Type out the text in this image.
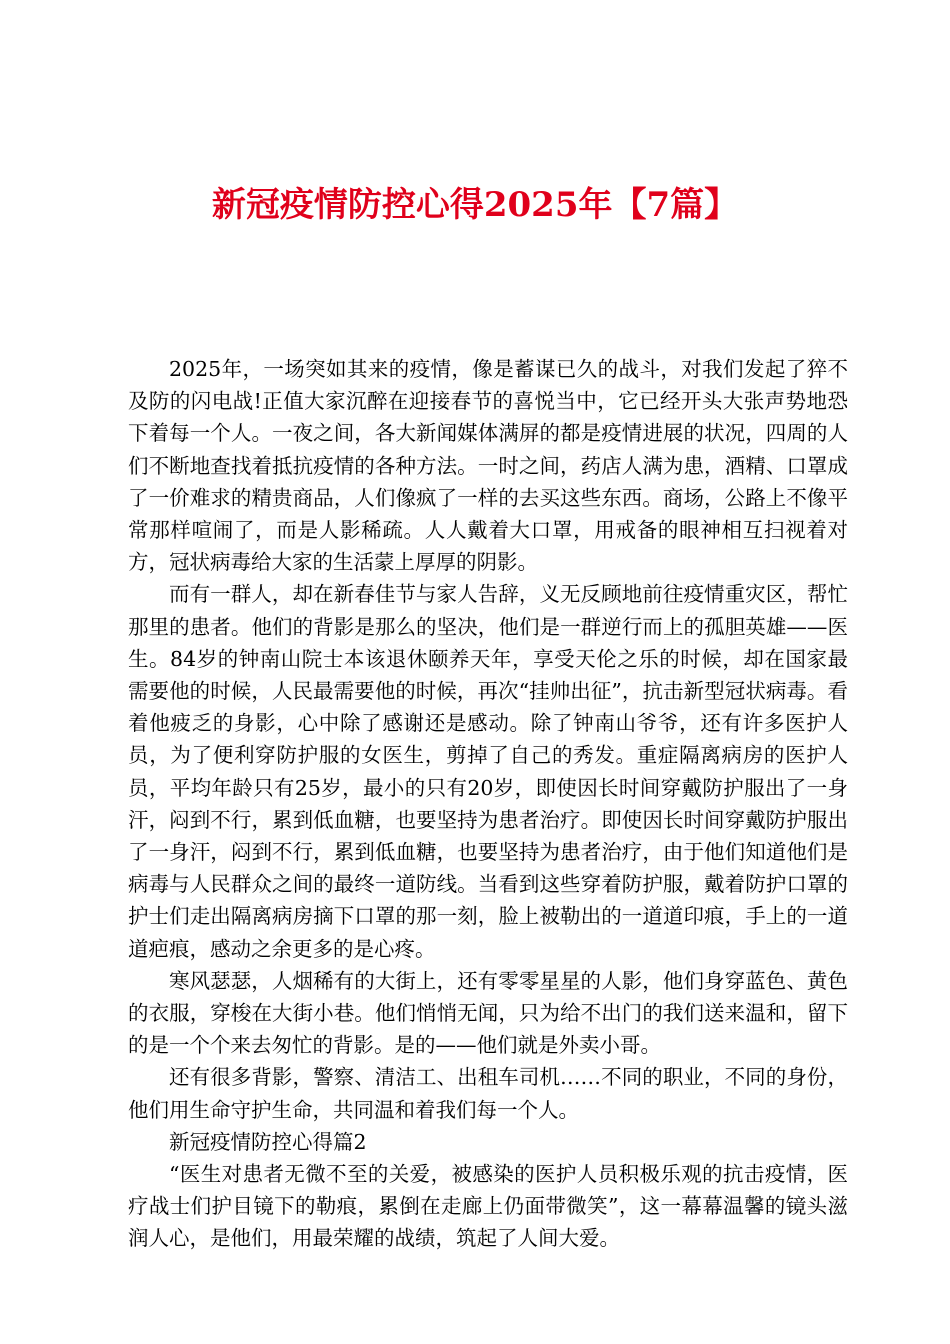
新冠疫情防控心得2025年【7篇】

2025年，一场突如其来的疫情，像是蓄谋已久的战斗，对我们发起了猝不及防的闪电战!正值大家沉醉在迎接春节的喜悦当中，它已经开头大张声势地恐下着每一个人。一夜之间，各大新闻媒体满屏的都是疫情进展的状况，四周的人们不断地查找着抵抗疫情的各种方法。一时之间，药店人满为患，酒精、口罩成了一价难求的精贵商品，人们像疯了一样的去买这些东西。商场，公路上不像平常那样喧闹了，而是人影稀疏。人人戴着大口罩，用戒备的眼神相互扫视着对方，冠状病毒给大家的生活蒙上厚厚的阴影。

而有一群人，却在新春佳节与家人告辞，义无反顾地前往疫情重灾区，帮忙那里的患者。他们的背影是那么的坚决，他们是一群逆行而上的孤胆英雄——医生。84岁的钟南山院士本该退休颐养天年，享受天伦之乐的时候，却在国家最需要他的时候，人民最需要他的时候，再次“挂帅出征”，抗击新型冠状病毒。看着他疲乏的身影，心中除了感谢还是感动。除了钟南山爷爷，还有许多医护人员，为了便利穿防护服的女医生，剪掉了自己的秀发。重症隔离病房的医护人员，平均年龄只有25岁，最小的只有20岁，即使因长时间穿戴防护服出了一身汗，闷到不行，累到低血糖，也要坚持为患者治疗。即使因长时间穿戴防护服出了一身汗，闷到不行，累到低血糖，也要坚持为患者治疗，由于他们知道他们是病毒与人民群众之间的最终一道防线。当看到这些穿着防护服，戴着防护口罩的护士们走出隔离病房摘下口罩的那一刻，脸上被勒出的一道道印痕，手上的一道道疤痕，感动之余更多的是心疼。

寒风瑟瑟，人烟稀有的大街上，还有零零星星的人影，他们身穿蓝色、黄色的衣服，穿梭在大街小巷。他们悄悄无闻，只为给不出门的我们送来温和，留下的是一个个来去匆忙的背影。是的——他们就是外卖小哥。

还有很多背影，警察、清洁工、出租车司机……不同的职业，不同的身份，他们用生命守护生命，共同温和着我们每一个人。

新冠疫情防控心得篇2

“医生对患者无微不至的关爱，被感染的医护人员积极乐观的抗击疫情，医疗战士们护目镜下的勒痕，累倒在走廊上仍面带微笑”，这一幕幕温馨的镜头滋润人心，是他们，用最荣耀的战绩，筑起了人间大爱。
